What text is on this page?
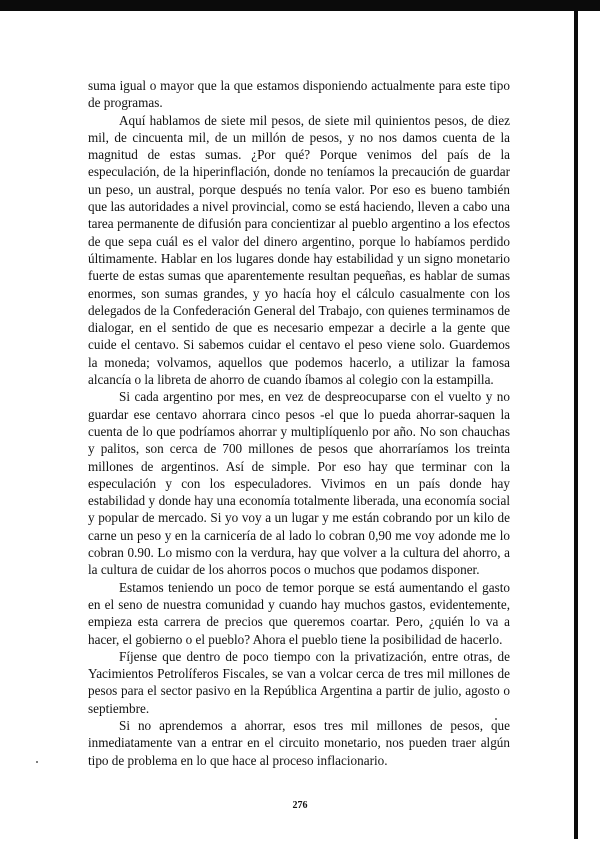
suma igual o mayor que la que estamos disponiendo actualmente para este tipo de programas.

Aquí hablamos de siete mil pesos, de siete mil quinientos pesos, de diez mil, de cincuenta mil, de un millón de pesos, y no nos damos cuenta de la magnitud de estas sumas. ¿Por qué? Porque venimos del país de la especulación, de la hiperinflación, donde no teníamos la precaución de guardar un peso, un austral, porque después no tenía valor. Por eso es bueno también que las autoridades a nivel provincial, como se está haciendo, lleven a cabo una tarea permanente de difusión para concientizar al pueblo argentino a los efectos de que sepa cuál es el valor del dinero argentino, porque lo habíamos perdido últimamente. Hablar en los lugares donde hay estabilidad y un signo monetario fuerte de estas sumas que aparentemente resultan pequeñas, es hablar de sumas enormes, son sumas grandes, y yo hacía hoy el cálculo casualmente con los delegados de la Confederación General del Trabajo, con quienes terminamos de dialogar, en el sentido de que es necesario empezar a decirle a la gente que cuide el centavo. Si sabemos cuidar el centavo el peso viene solo. Guardemos la moneda; volvamos, aquellos que podemos hacerlo, a utilizar la famosa alcancía o la libreta de ahorro de cuando íbamos al colegio con la estampilla.

Si cada argentino por mes, en vez de despreocuparse con el vuelto y no guardar ese centavo ahorrara cinco pesos -el que lo pueda ahorrar-saquen la cuenta de lo que podríamos ahorrar y multiplíquenlo por año. No son chauchas y palitos, son cerca de 700 millones de pesos que ahorraríamos los treinta millones de argentinos. Así de simple. Por eso hay que terminar con la especulación y con los especuladores. Vivimos en un país donde hay estabilidad y donde hay una economía totalmente liberada, una economía social y popular de mercado. Si yo voy a un lugar y me están cobrando por un kilo de carne un peso y en la carnicería de al lado lo cobran 0,90 me voy adonde me lo cobran 0.90. Lo mismo con la verdura, hay que volver a la cultura del ahorro, a la cultura de cuidar de los ahorros pocos o muchos que podamos disponer.

Estamos teniendo un poco de temor porque se está aumentando el gasto en el seno de nuestra comunidad y cuando hay muchos gastos, evidentemente, empieza esta carrera de precios que queremos coartar. Pero, ¿quién lo va a hacer, el gobierno o el pueblo? Ahora el pueblo tiene la posibilidad de hacerlo.

Fíjense que dentro de poco tiempo con la privatización, entre otras, de Yacimientos Petrolíferos Fiscales, se van a volcar cerca de tres mil millones de pesos para el sector pasivo en la República Argentina a partir de julio, agosto o septiembre.

Si no aprendemos a ahorrar, esos tres mil millones de pesos, que inmediatamente van a entrar en el circuito monetario, nos pueden traer algún tipo de problema en lo que hace al proceso inflacionario.

276
